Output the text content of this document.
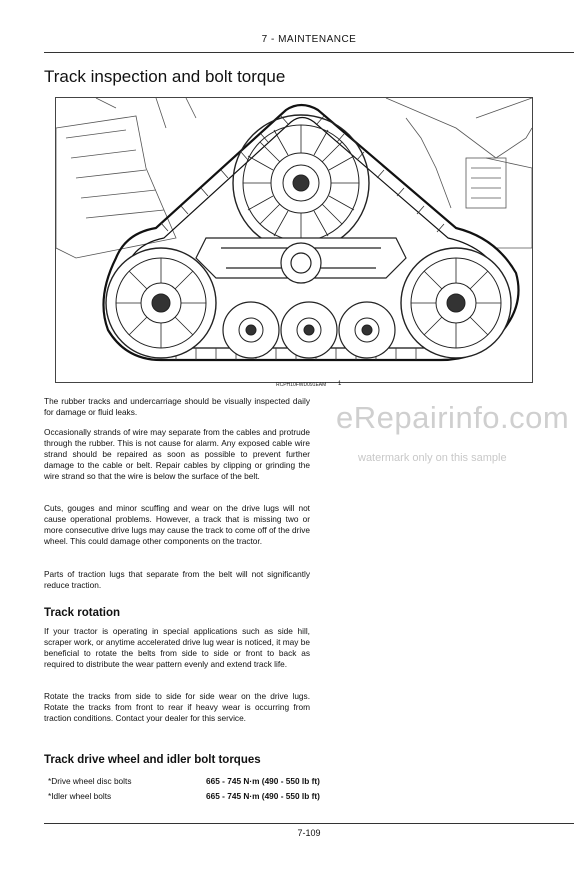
7 - MAINTENANCE
Track inspection and bolt torque
RCPH10FWD091EAM 1
eRepairinfo.com
watermark only on this sample

The rubber tracks and undercarriage should be visually inspected daily for damage or fluid leaks.

Occasionally strands of wire may separate from the cables and protrude through the rubber. This is not cause for alarm. Any exposed cable wire strand should be repaired as soon as possible to prevent further damage to the cable or belt. Repair cables by clipping or grinding the wire strand so that the wire is below the surface of the belt.

Cuts, gouges and minor scuffing and wear on the drive lugs will not cause operational problems. However, a track that is missing two or more consecutive drive lugs may cause the track to come off of the drive wheel. This could damage other components on the tractor.

Parts of traction lugs that separate from the belt will not significantly reduce traction.

Track rotation

If your tractor is operating in special applications such as side hill, scraper work, or anytime accelerated drive lug wear is noticed, it may be beneficial to rotate the belts from side to side or front to back as required to distribute the wear pattern evenly and extend track life.

Rotate the tracks from side to side for side wear on the drive lugs. Rotate the tracks from front to rear if heavy wear is occurring from traction conditions. Contact your dealer for this service.

Track drive wheel and idler bolt torques
*Drive wheel disc bolts	665 - 745 N·m (490 - 550 lb ft)
*Idler wheel bolts	665 - 745 N·m (490 - 550 lb ft)
7-109
